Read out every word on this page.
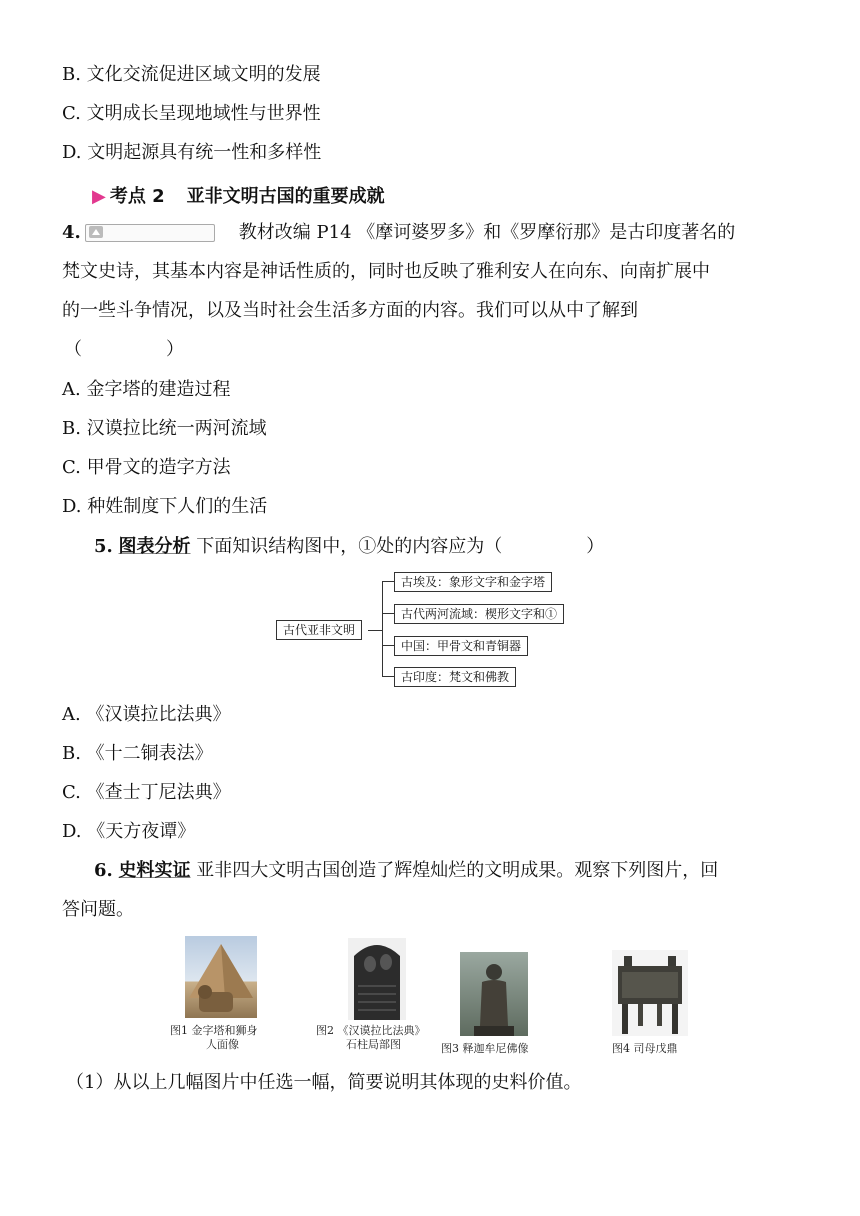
B. 文化交流促进区域文明的发展
C. 文明成长呈现地域性与世界性
D. 文明起源具有统一性和多样性
▶ 考点 2 亚非文明古国的重要成就
4.	教材改编 P14 《摩诃婆罗多》和《罗摩衍那》是古印度著名的
梵文史诗，其基本内容是神话性质的，同时也反映了雅利安人在向东、向南扩展中
的一些斗争情况，以及当时社会生活多方面的内容。我们可以从中了解到
（	）
A. 金字塔的建造过程
B. 汉谟拉比统一两河流域
C. 甲骨文的造字方法
D. 种姓制度下人们的生活
5. 图表分析 下面知识结构图中，①处的内容应为（	）
古代亚非文明
古埃及：象形文字和金字塔
古代两河流域：楔形文字和①
中国：甲骨文和青铜器
古印度：梵文和佛教
A. 《汉谟拉比法典》
B. 《十二铜表法》
C. 《查士丁尼法典》
D. 《天方夜谭》
6. 史料实证 亚非四大文明古国创造了辉煌灿烂的文明成果。观察下列图片，回
答问题。
图1 金字塔和狮身
人面像
图2 《汉谟拉比法典》
石柱局部图	图3 释迦牟尼佛像	图4 司母戊鼎
（1）从以上几幅图片中任选一幅，简要说明其体现的史料价值。
